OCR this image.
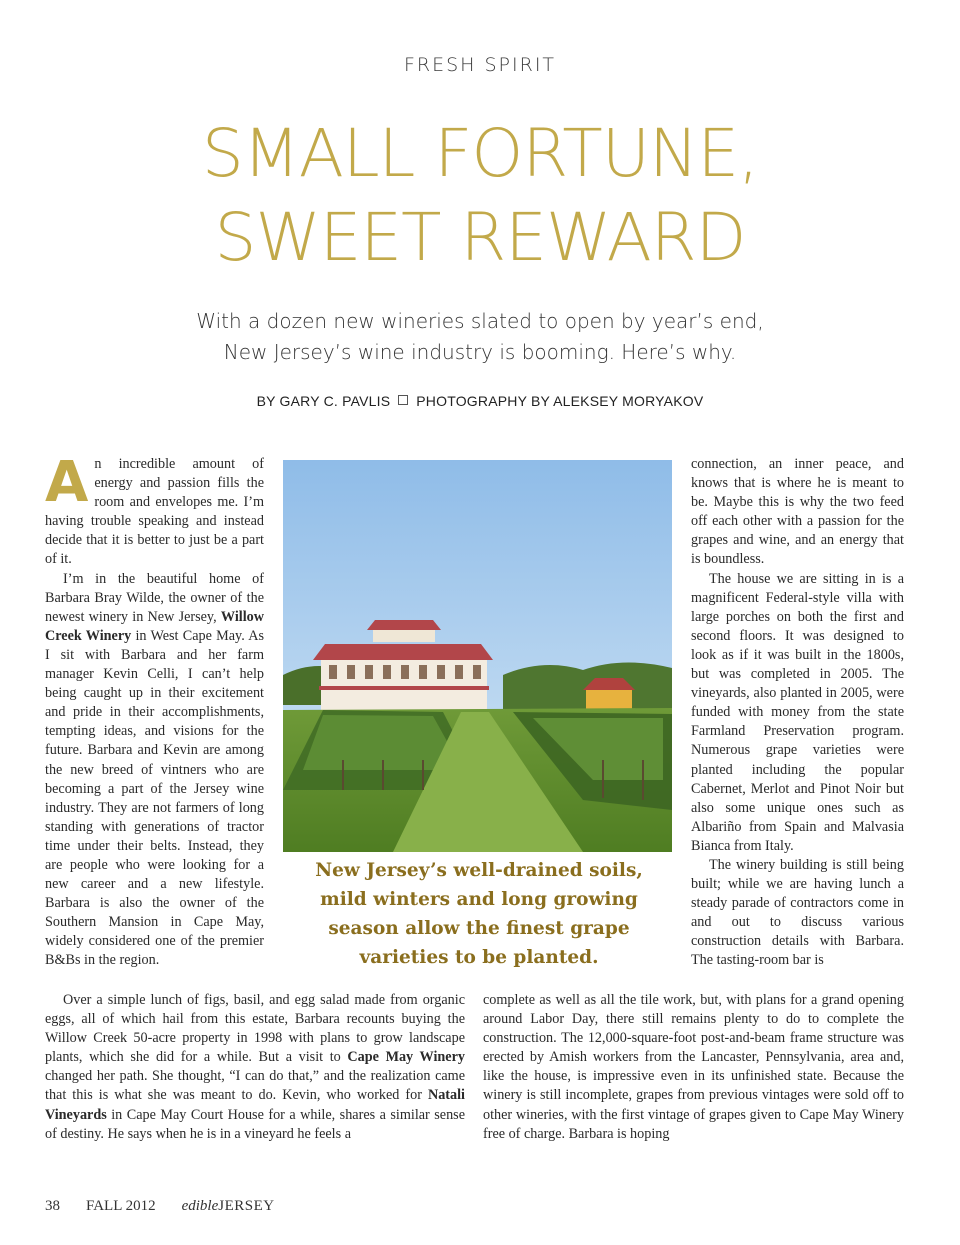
FRESH SPIRIT
SMALL FORTUNE,
SWEET REWARD
With a dozen new wineries slated to open by year’s end,
New Jersey’s wine industry is booming. Here’s why.
BY GARY C. PAVLIS PHOTOGRAPHY BY ALEKSEY MORYAKOV

An incredible amount of energy and passion fills the room and envelopes me. I’m having trouble speaking and instead decide that it is better to just be a part of it.

I’m in the beautiful home of Barbara Bray Wilde, the owner of the newest winery in New Jersey, Willow Creek Winery in West Cape May. As I sit with Barbara and her farm manager Kevin Celli, I can’t help being caught up in their excitement and pride in their accomplishments, tempting ideas, and visions for the future. Barbara and Kevin are among the new breed of vintners who are becoming a part of the Jersey wine industry. They are not farmers of long standing with generations of tractor time under their belts. Instead, they are people who were looking for a new career and a new lifestyle. Barbara is also the owner of the Southern Mansion in Cape May, widely considered one of the premier B&Bs in the region.

New Jersey’s well-drained soils,
mild winters and long growing
season allow the finest grape
varieties to be planted.

connection, an inner peace, and knows that is where he is meant to be. Maybe this is why the two feed off each other with a passion for the grapes and wine, and an energy that is boundless.

The house we are sitting in is a magnificent Federal-style villa with large porches on both the first and second floors. It was designed to look as if it was built in the 1800s, but was completed in 2005. The vineyards, also planted in 2005, were funded with money from the state Farmland Preservation program. Numerous grape varieties were planted including the popular Cabernet, Merlot and Pinot Noir but also some unique ones such as Albariño from Spain and Malvasia Bianca from Italy.

The winery building is still being built; while we are having lunch a steady parade of contractors come in and out to discuss various construction details with Barbara. The tasting-room bar is

Over a simple lunch of figs, basil, and egg salad made from organic eggs, all of which hail from this estate, Barbara recounts buying the Willow Creek 50-acre property in 1998 with plans to grow landscape plants, which she did for a while. But a visit to Cape May Winery changed her path. She thought, “I can do that,” and the realization came that this is what she was meant to do. Kevin, who worked for Natali Vineyards in Cape May Court House for a while, shares a similar sense of destiny. He says when he is in a vineyard he feels a

complete as well as all the tile work, but, with plans for a grand opening around Labor Day, there still remains plenty to do to complete the construction. The 12,000-square-foot post-and-beam frame structure was erected by Amish workers from the Lancaster, Pennsylvania, area and, like the house, is impressive even in its unfinished state. Because the winery is still incomplete, grapes from previous vintages were sold off to other wineries, with the first vintage of grapes given to Cape May Winery free of charge. Barbara is hoping

38 FALL 2012 edibleJERSEY
